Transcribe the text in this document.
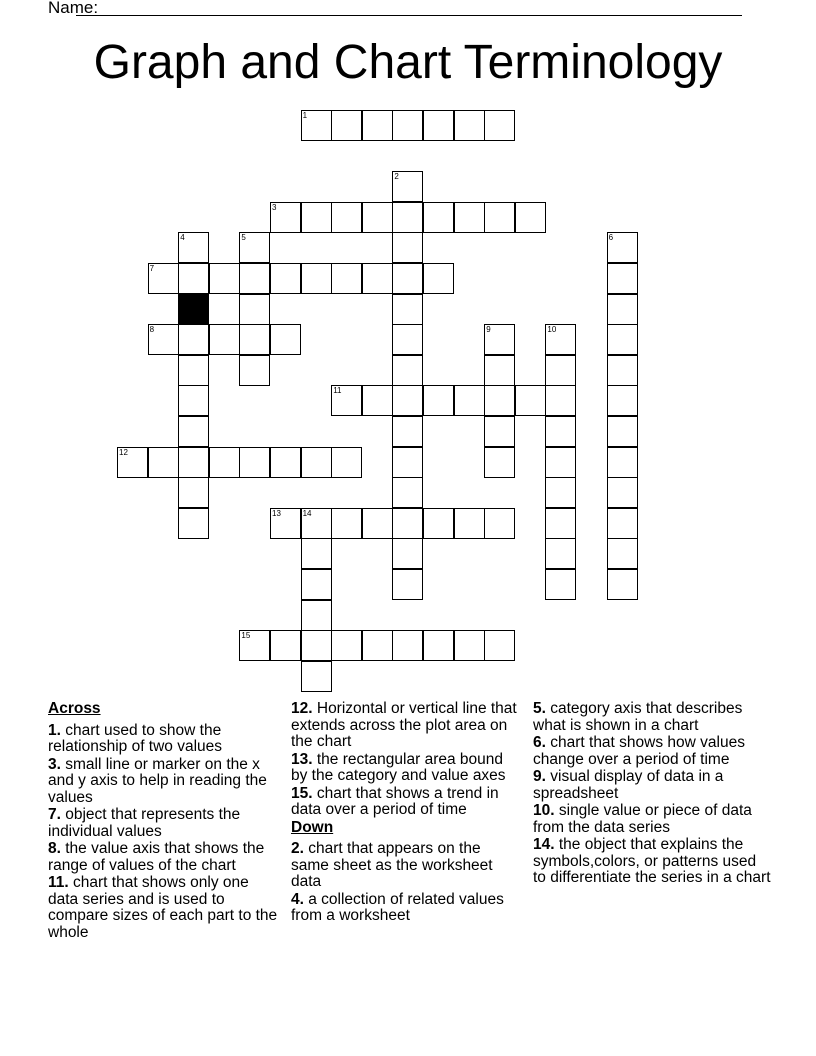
Name:
Graph and Chart Terminology
1
2
3
4	5	6
7
8	9	10
11
12
13	14
15
Across
1. chart used to show the relationship of two values
3. small line or marker on the x and y axis to help in reading the values
7. object that represents the individual values
8. the value axis that shows the range of values of the chart
11. chart that shows only one data series and is used to compare sizes of each part to the whole
12. Horizontal or vertical line that extends across the plot area on the chart
13. the rectangular area bound by the category and value axes
15. chart that shows a trend in data over a period of time
Down
2. chart that appears on the same sheet as the worksheet data
4. a collection of related values from a worksheet
5. category axis that describes what is shown in a chart
6. chart that shows how values change over a period of time
9. visual display of data in a spreadsheet
10. single value or piece of data from the data series
14. the object that explains the symbols,colors, or patterns used to differentiate the series in a chart
